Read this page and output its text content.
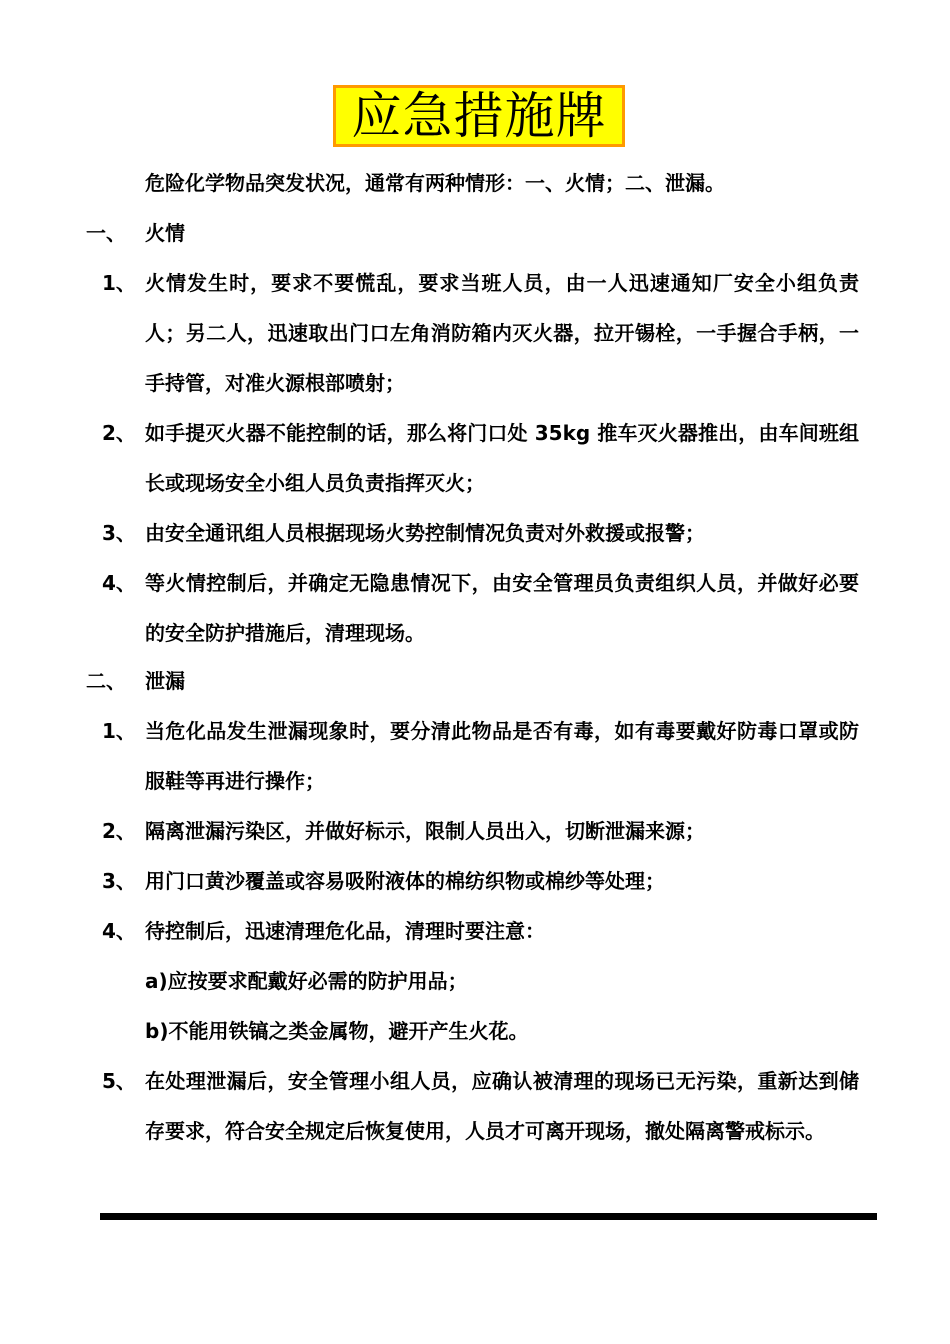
应急措施牌
危险化学物品突发状况，通常有两种情形：一、火情；二、泄漏。
一、 火情
1、 火情发生时，要求不要慌乱，要求当班人员，由一人迅速通知厂安全小组负责人；另二人，迅速取出门口左角消防箱内灭火器，拉开锡栓，一手握合手柄，一手持管，对准火源根部喷射；
2、 如手提灭火器不能控制的话，那么将门口处 35kg 推车灭火器推出，由车间班组长或现场安全小组人员负责指挥灭火；
3、 由安全通讯组人员根据现场火势控制情况负责对外救援或报警；
4、 等火情控制后，并确定无隐患情况下，由安全管理员负责组织人员，并做好必要的安全防护措施后，清理现场。
二、 泄漏
1、 当危化品发生泄漏现象时，要分清此物品是否有毒，如有毒要戴好防毒口罩或防服鞋等再进行操作；
2、 隔离泄漏污染区，并做好标示，限制人员出入，切断泄漏来源；
3、 用门口黄沙覆盖或容易吸附液体的棉纺织物或棉纱等处理；
4、 待控制后，迅速清理危化品，清理时要注意：
a)应按要求配戴好必需的防护用品；
b)不能用铁镐之类金属物，避开产生火花。
5、 在处理泄漏后，安全管理小组人员，应确认被清理的现场已无污染，重新达到储存要求，符合安全规定后恢复使用，人员才可离开现场，撤处隔离警戒标示。
